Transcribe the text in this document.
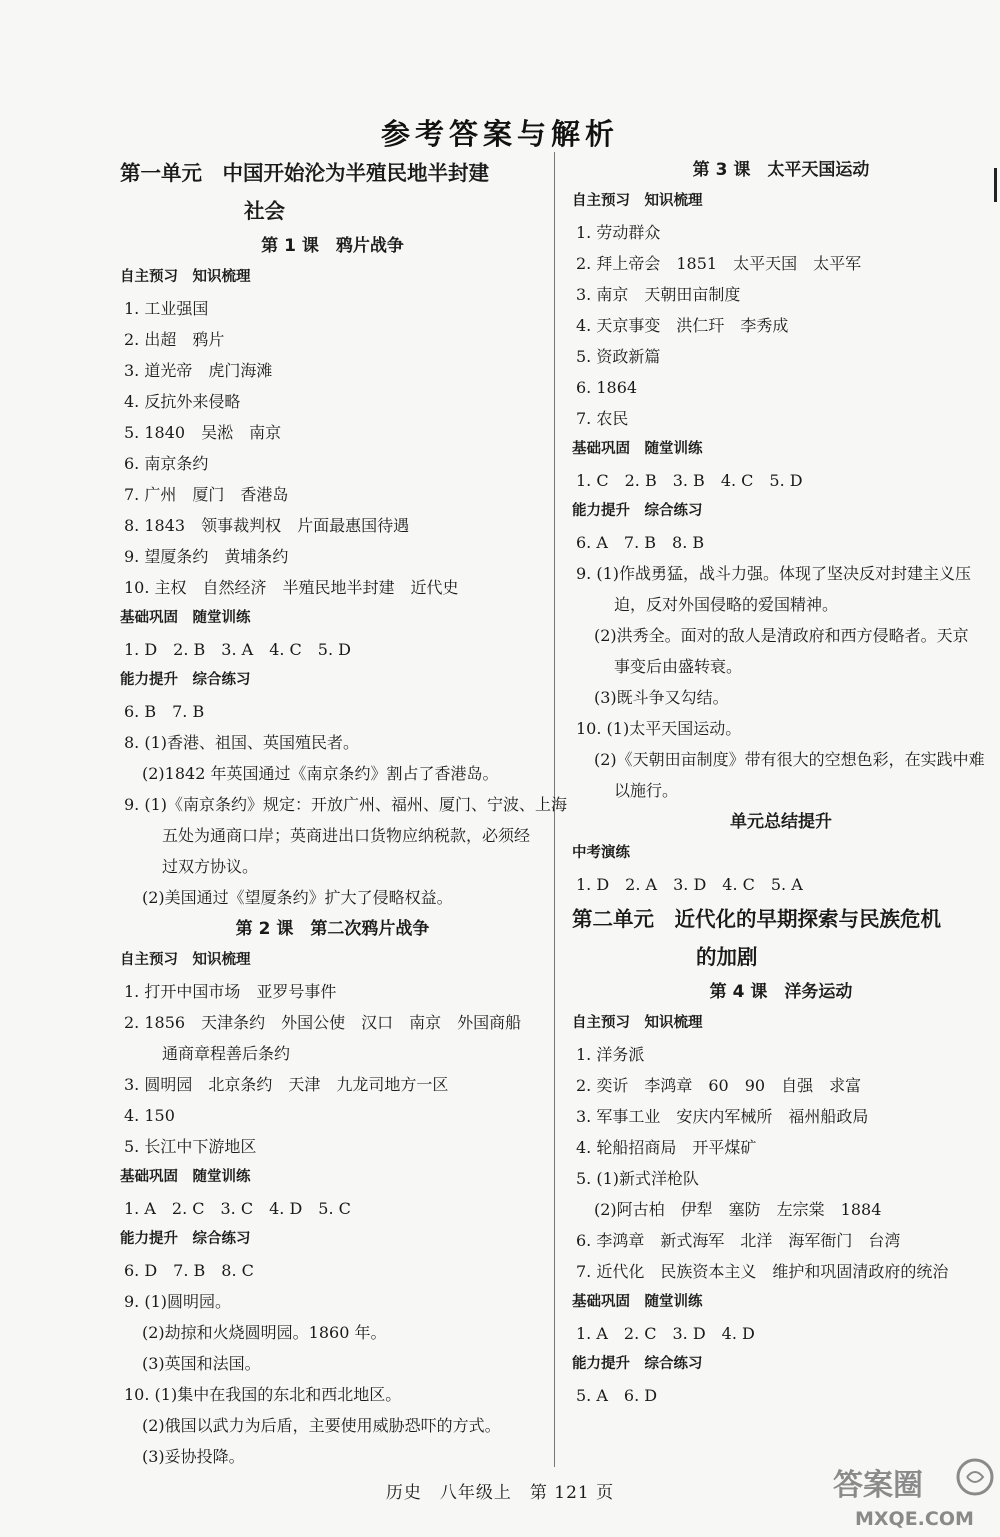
参考答案与解析
第一单元　中国开始沦为半殖民地半封建
社会
第 1 课　鸦片战争
自主预习　知识梳理
1. 工业强国
2. 出超　鸦片
3. 道光帝　虎门海滩
4. 反抗外来侵略
5. 1840　吴淞　南京
6. 南京条约
7. 广州　厦门　香港岛
8. 1843　领事裁判权　片面最惠国待遇
9. 望厦条约　黄埔条约
10. 主权　自然经济　半殖民地半封建　近代史
基础巩固　随堂训练
1. D　2. B　3. A　4. C　5. D
能力提升　综合练习
6. B　7. B
8. (1)香港、祖国、英国殖民者。
(2)1842 年英国通过《南京条约》割占了香港岛。
9. (1)《南京条约》规定：开放广州、福州、厦门、宁波、上海
五处为通商口岸；英商进出口货物应纳税款，必须经
过双方协议。
(2)美国通过《望厦条约》扩大了侵略权益。
第 2 课　第二次鸦片战争
自主预习　知识梳理
1. 打开中国市场　亚罗号事件
2. 1856　天津条约　外国公使　汉口　南京　外国商船
通商章程善后条约
3. 圆明园　北京条约　天津　九龙司地方一区
4. 150
5. 长江中下游地区
基础巩固　随堂训练
1. A　2. C　3. C　4. D　5. C
能力提升　综合练习
6. D　7. B　8. C
9. (1)圆明园。
(2)劫掠和火烧圆明园。1860 年。
(3)英国和法国。
10. (1)集中在我国的东北和西北地区。
(2)俄国以武力为后盾，主要使用威胁恐吓的方式。
(3)妥协投降。
第 3 课　太平天国运动
自主预习　知识梳理
1. 劳动群众
2. 拜上帝会　1851　太平天国　太平军
3. 南京　天朝田亩制度
4. 天京事变　洪仁玕　李秀成
5. 资政新篇
6. 1864
7. 农民
基础巩固　随堂训练
1. C　2. B　3. B　4. C　5. D
能力提升　综合练习
6. A　7. B　8. B
9. (1)作战勇猛，战斗力强。体现了坚决反对封建主义压
迫，反对外国侵略的爱国精神。
(2)洪秀全。面对的敌人是清政府和西方侵略者。天京
事变后由盛转衰。
(3)既斗争又勾结。
10. (1)太平天国运动。
(2)《天朝田亩制度》带有很大的空想色彩，在实践中难
以施行。
单元总结提升
中考演练
1. D　2. A　3. D　4. C　5. A
第二单元　近代化的早期探索与民族危机
的加剧
第 4 课　洋务运动
自主预习　知识梳理
1. 洋务派
2. 奕䜣　李鸿章　60　90　自强　求富
3. 军事工业　安庆内军械所　福州船政局
4. 轮船招商局　开平煤矿
5. (1)新式洋枪队
(2)阿古柏　伊犁　塞防　左宗棠　1884
6. 李鸿章　新式海军　北洋　海军衙门　台湾
7. 近代化　民族资本主义　维护和巩固清政府的统治
基础巩固　随堂训练
1. A　2. C　3. D　4. D
能力提升　综合练习
5. A　6. D
历史　八年级上　第 121 页	答案圈
MXQE.COM
